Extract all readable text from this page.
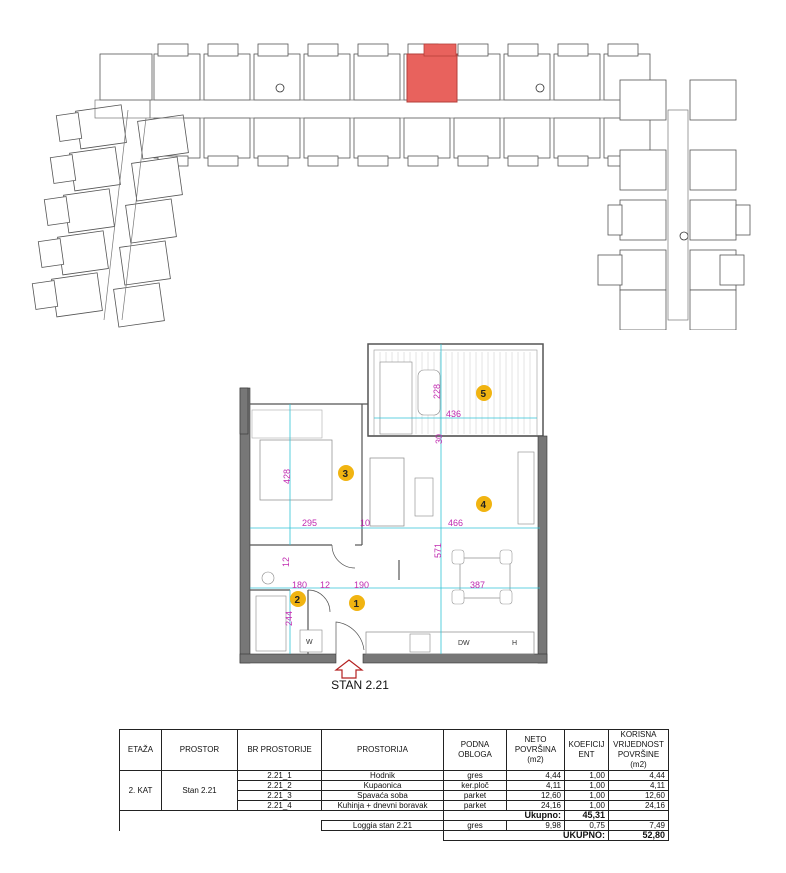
DW	H
W
228
436
30
428
295	10	466
571
12
180 12	190	387
244
1
2
3
4
5
STAN 2.21
ETAŽA	PROSTOR	BR PROSTORIJE	PROSTORIJA	PODNA OBLOGA	NETO POVRŠINA (m2)	KOEFICIJ ENT	KORISNA VRIJEDNOST POVRŠINE (m2)
2. KAT	Stan 2.21	2.21_1	Hodnik	gres	4,44	1,00	4,44
		2.21_2	Kupaonica	ker.ploč	4,11	1,00	4,11
		2.21_3	Spavaća soba	parket	12,60	1,00	12,60
		2.21_4	Kuhinja + dnevni boravak	parket	24,16	1,00	24,16
				Ukupno:		45,31	
			Loggia stan 2.21	gres	9,98	0,75	7,49
				UKUPNO:			52,80
